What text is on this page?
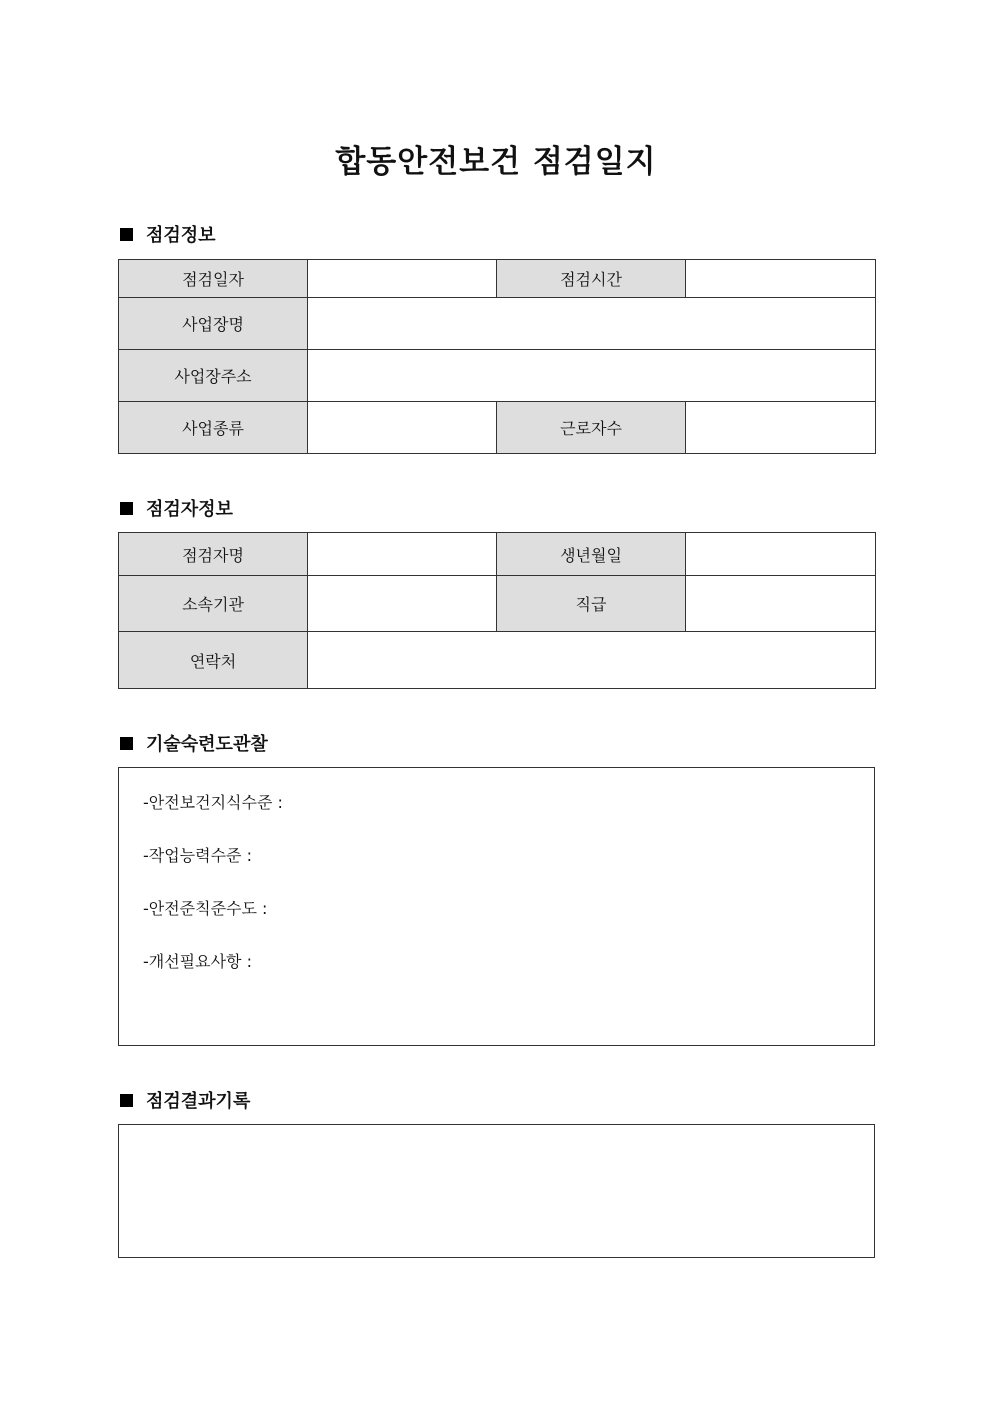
합동안전보건 점검일지
점검정보
점검일자		점검시간	
사업장명			
사업장주소			
사업종류		근로자수	
점검자정보
점검자명		생년월일	
소속기관		직급	
연락처			
기술숙련도관찰
-안전보건지식수준 :
-작업능력수준 :
-안전준칙준수도 :
-개선필요사항 :
점검결과기록
